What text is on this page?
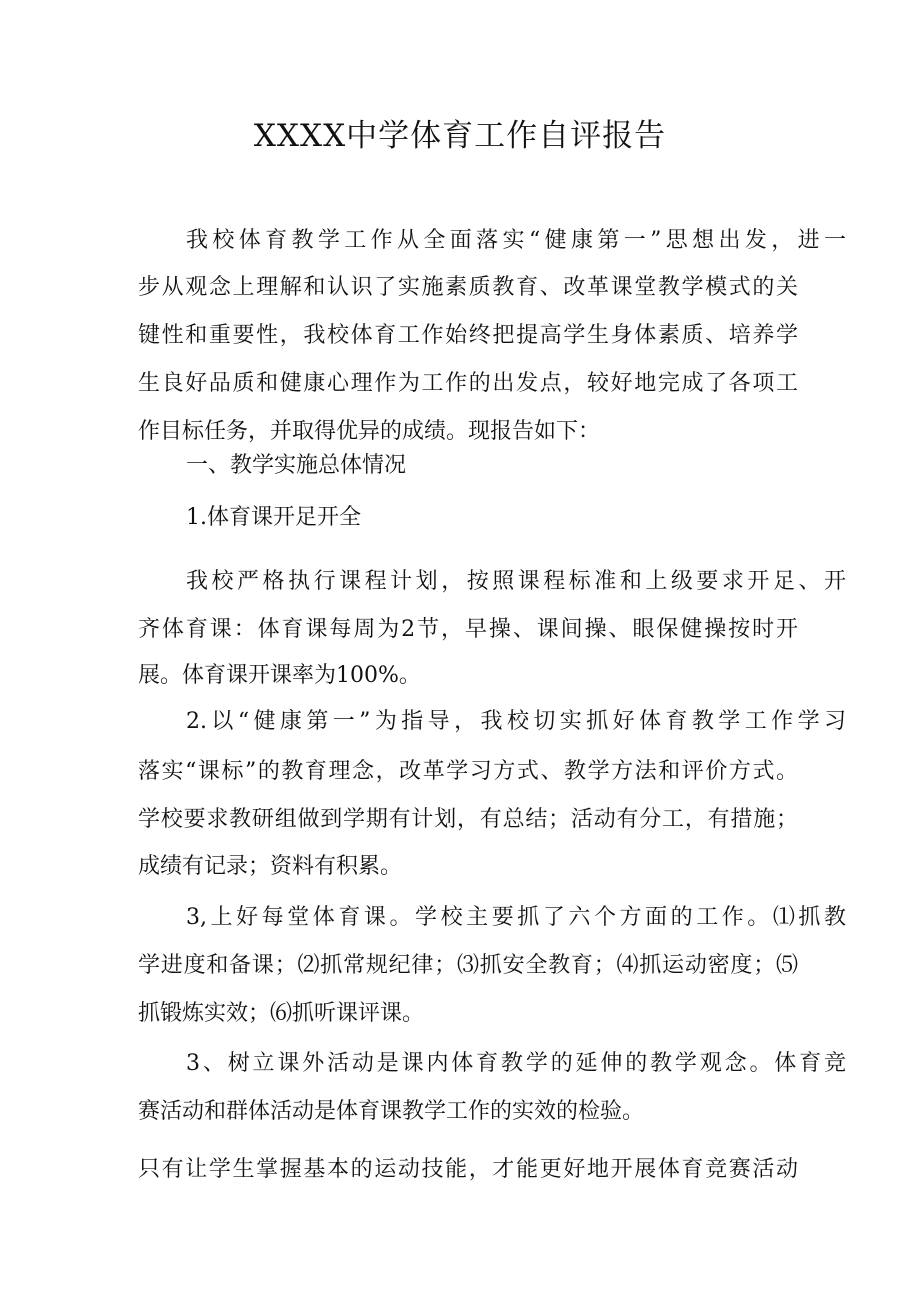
XXXX中学体育工作自评报告

我校体育教学工作从全面落实“健康第一”思想出发，进一

步从观念上理解和认识了实施素质教育、改革课堂教学模式的关

键性和重要性，我校体育工作始终把提高学生身体素质、培养学

生良好品质和健康心理作为工作的出发点，较好地完成了各项工

作目标任务，并取得优异的成绩。现报告如下：

一、教学实施总体情况

1.体育课开足开全

我校严格执行课程计划，按照课程标准和上级要求开足、开

齐体育课：体育课每周为2节，早操、课间操、眼保健操按时开

展。体育课开课率为100%。

2.以“健康第一”为指导，我校切实抓好体育教学工作学习

落实“课标”的教育理念，改革学习方式、教学方法和评价方式。

学校要求教研组做到学期有计划，有总结；活动有分工，有措施；

成绩有记录；资料有积累。

3,上好每堂体育课。学校主要抓了六个方面的工作。⑴抓教

学进度和备课；⑵抓常规纪律；⑶抓安全教育；⑷抓运动密度；⑸

抓锻炼实效；⑹抓听课评课。

3、树立课外活动是课内体育教学的延伸的教学观念。体育竞

赛活动和群体活动是体育课教学工作的实效的检验。

只有让学生掌握基本的运动技能，才能更好地开展体育竞赛活动
